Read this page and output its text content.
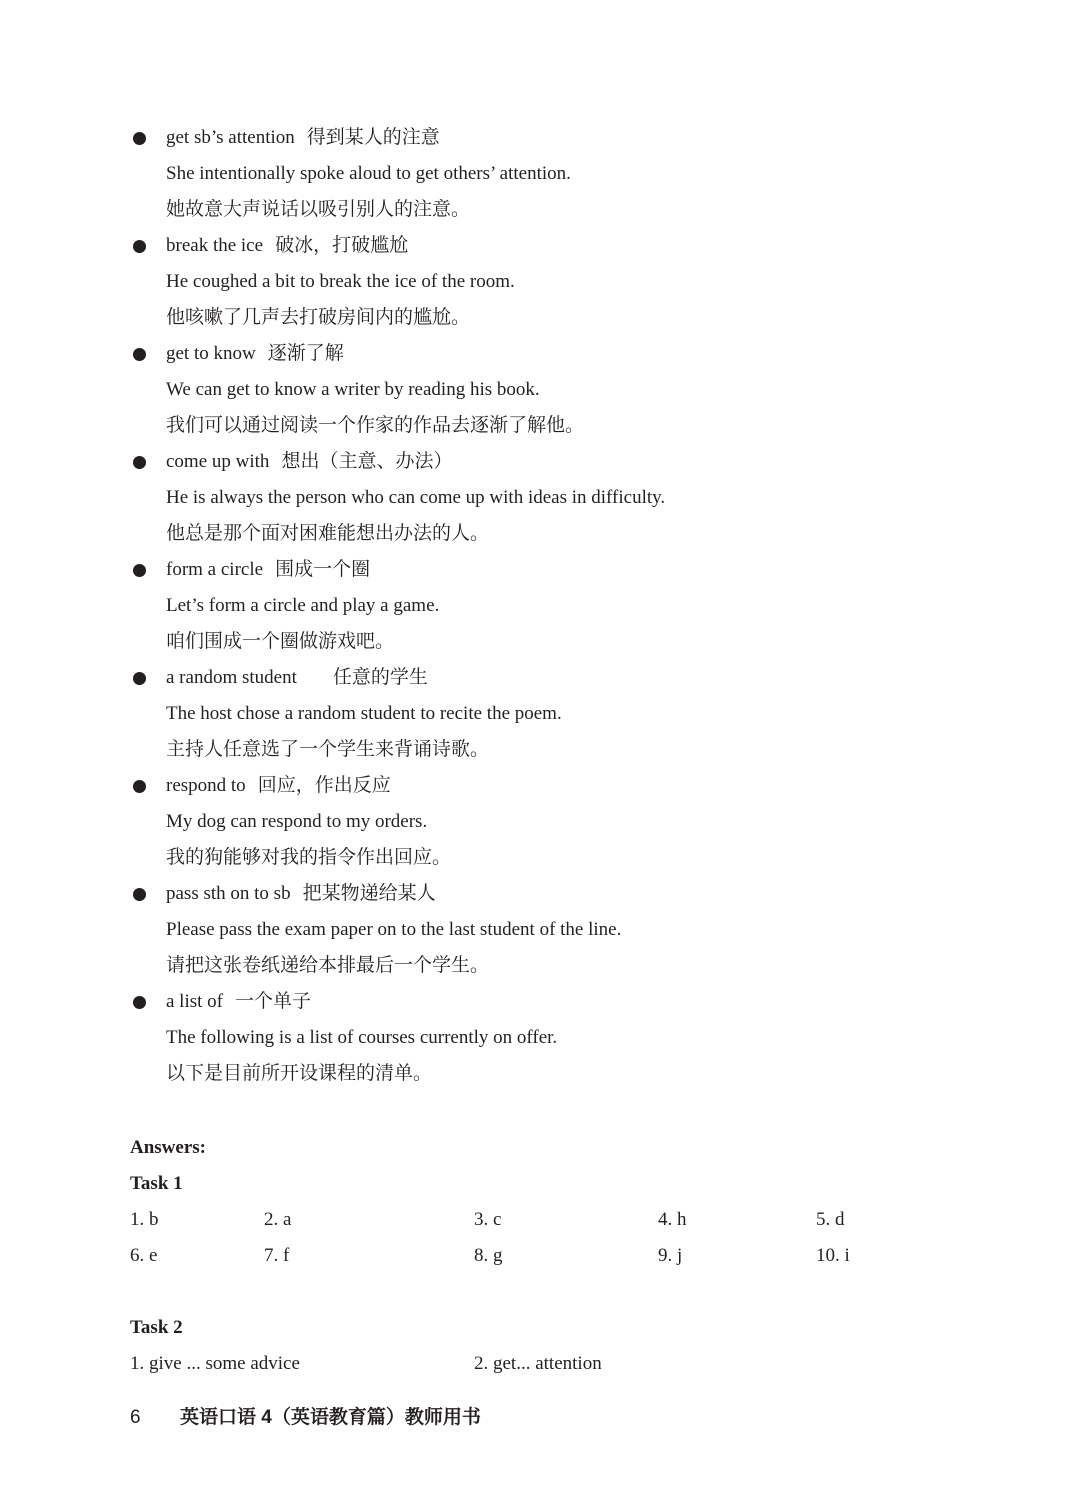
get sb’s attention 得到某人的注意
She intentionally spoke aloud to get others’ attention.
她故意大声说话以吸引别人的注意。
break the ice 破冰，打破尴尬
He coughed a bit to break the ice of the room.
他咳嗽了几声去打破房间内的尴尬。
get to know 逐渐了解
We can get to know a writer by reading his book.
我们可以通过阅读一个作家的作品去逐渐了解他。
come up with 想出（主意、办法）
He is always the person who can come up with ideas in difficulty.
他总是那个面对困难能想出办法的人。
form a circle 围成一个圈
Let’s form a circle and play a game.
咱们围成一个圈做游戏吧。
a random student 任意的学生
The host chose a random student to recite the poem.
主持人任意选了一个学生来背诵诗歌。
respond to 回应，作出反应
My dog can respond to my orders.
我的狗能够对我的指令作出回应。
pass sth on to sb 把某物递给某人
Please pass the exam paper on to the last student of the line.
请把这张卷纸递给本排最后一个学生。
a list of 一个单子
The following is a list of courses currently on offer.
以下是目前所开设课程的清单。
Answers:
Task 1
1. b	2. a	3. c	4. h	5. d
6. e	7. f	8. g	9. j	10. i
Task 2
1. give ... some advice	2. get... attention
6 英语口语 4（英语教育篇）教师用书
